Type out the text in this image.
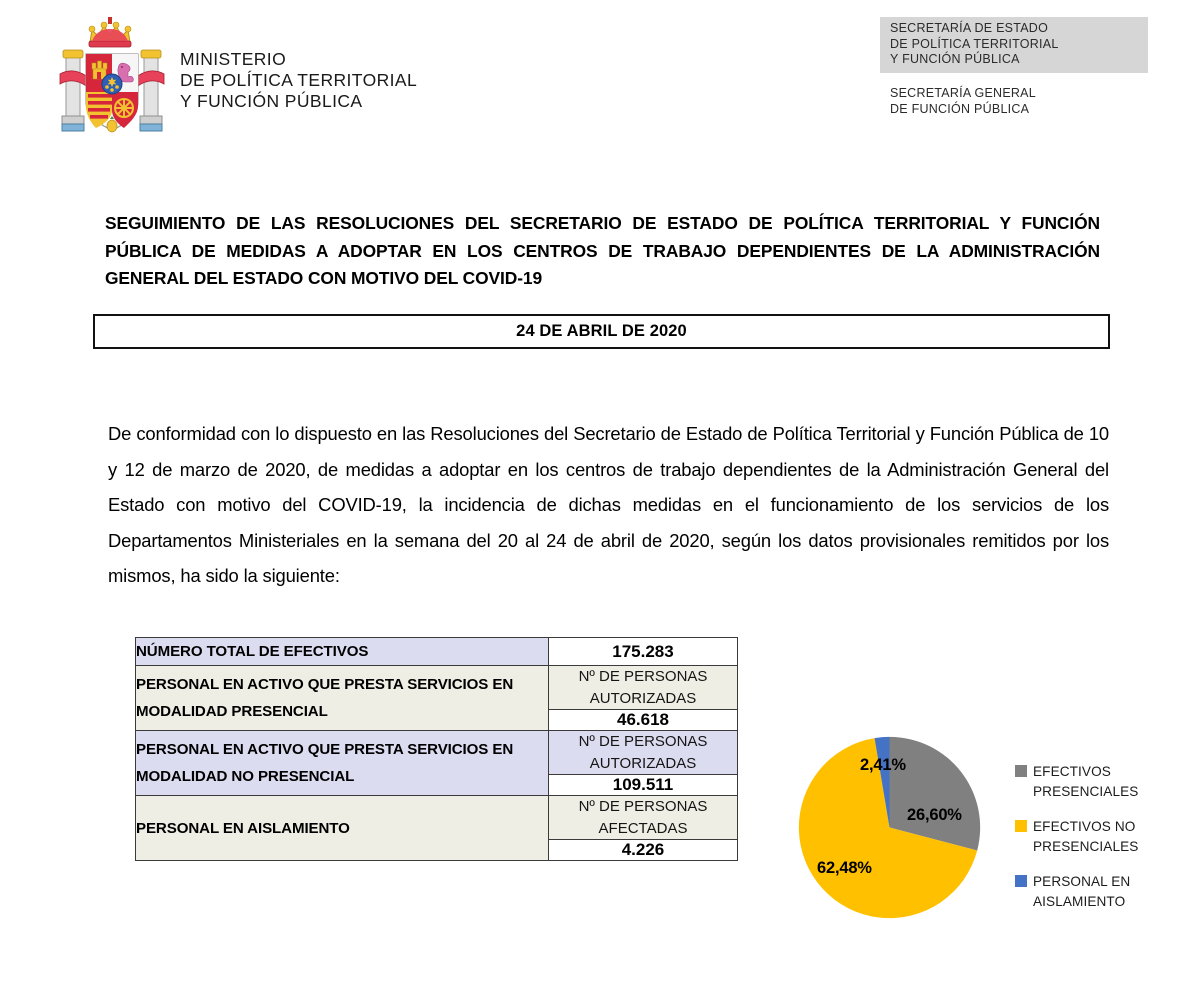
MINISTERIO
DE POLÍTICA TERRITORIAL
Y FUNCIÓN PÚBLICA
SECRETARÍA DE ESTADO
DE POLÍTICA TERRITORIAL
Y FUNCIÓN PÚBLICA
SECRETARÍA GENERAL
DE FUNCIÓN PÚBLICA
SEGUIMIENTO DE LAS RESOLUCIONES DEL SECRETARIO DE ESTADO DE POLÍTICA TERRITORIAL Y FUNCIÓN PÚBLICA DE MEDIDAS A ADOPTAR EN LOS CENTROS DE TRABAJO DEPENDIENTES DE LA ADMINISTRACIÓN GENERAL DEL ESTADO CON MOTIVO DEL COVID-19
24 DE ABRIL DE 2020
De conformidad con lo dispuesto en las Resoluciones del Secretario de Estado de Política Territorial y Función Pública de 10 y 12 de marzo de 2020, de medidas a adoptar en los centros de trabajo dependientes de la Administración General del Estado con motivo del COVID-19, la incidencia de dichas medidas en el funcionamiento de los servicios de los Departamentos Ministeriales en la semana del 20 al 24 de abril de 2020, según los datos provisionales remitidos por los mismos, ha sido la siguiente:
NÚMERO TOTAL DE EFECTIVOS	175.283
PERSONAL EN ACTIVO QUE PRESTA SERVICIOS EN MODALIDAD PRESENCIAL	Nº DE PERSONAS AUTORIZADAS
	46.618
PERSONAL EN ACTIVO QUE PRESTA SERVICIOS EN MODALIDAD NO PRESENCIAL	Nº DE PERSONAS AUTORIZADAS
	109.511
PERSONAL EN AISLAMIENTO	Nº DE PERSONAS AFECTADAS
	4.226
2,41%
26,60%
62,48%
EFECTIVOS
PRESENCIALES
EFECTIVOS NO
PRESENCIALES
PERSONAL EN
AISLAMIENTO
